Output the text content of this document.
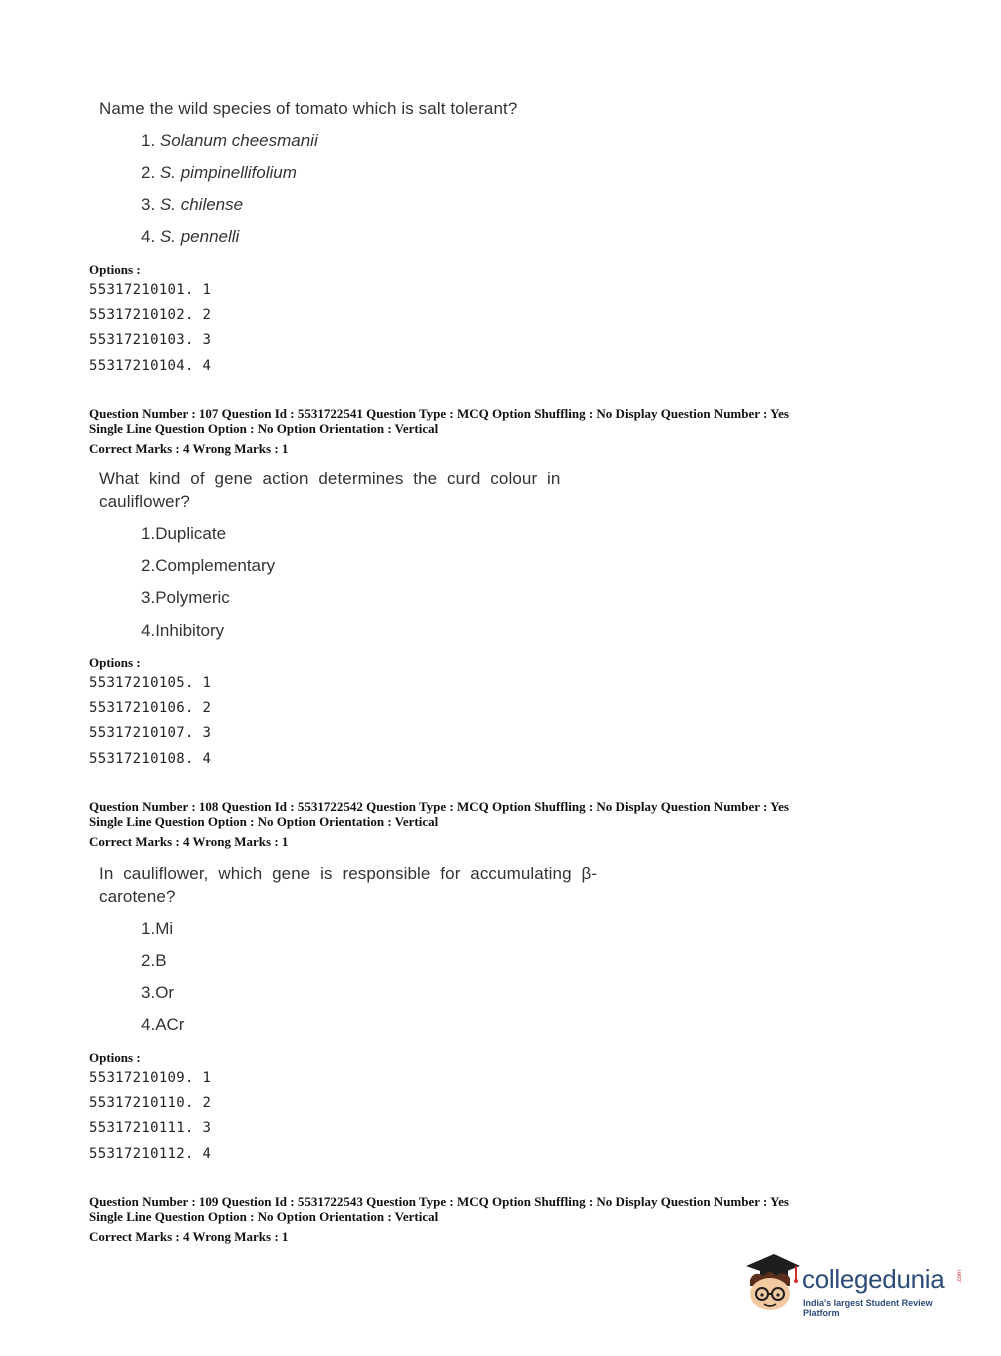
Name the wild species of tomato which is salt tolerant?
1. Solanum cheesmanii
2. S. pimpinellifolium
3. S. chilense
4. S. pennelli
Options :
55317210101. 1
55317210102. 2
55317210103. 3
55317210104. 4
Question Number : 107 Question Id : 5531722541 Question Type : MCQ Option Shuffling : No Display Question Number : Yes
Single Line Question Option : No Option Orientation : Vertical
Correct Marks : 4 Wrong Marks : 1
What kind of gene action determines the curd colour in
cauliflower?
1.Duplicate
2.Complementary
3.Polymeric
4.Inhibitory
Options :
55317210105. 1
55317210106. 2
55317210107. 3
55317210108. 4
Question Number : 108 Question Id : 5531722542 Question Type : MCQ Option Shuffling : No Display Question Number : Yes
Single Line Question Option : No Option Orientation : Vertical
Correct Marks : 4 Wrong Marks : 1
In cauliflower, which gene is responsible for accumulating β-
carotene?
1.Mi
2.B
3.Or
4.ACr
Options :
55317210109. 1
55317210110. 2
55317210111. 3
55317210112. 4
Question Number : 109 Question Id : 5531722543 Question Type : MCQ Option Shuffling : No Display Question Number : Yes
Single Line Question Option : No Option Orientation : Vertical
Correct Marks : 4 Wrong Marks : 1
collegedunia .com
India's largest Student Review Platform
